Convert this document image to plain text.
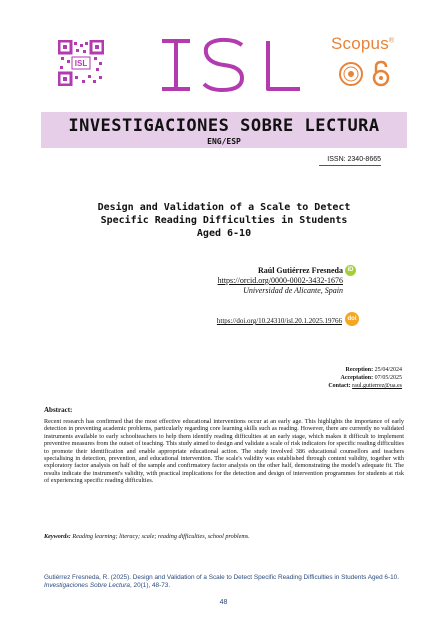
ISL
ISL
Scopus®
INVESTIGACIONES SOBRE LECTURA
ENG/ESP
ISSN: 2340-8665
Design and Validation of a Scale to Detect
Specific Reading Difficulties in Students
Aged 6-10
Raúl Gutiérrez Fresneda
https://orcid.org/0000-0002-3432-1676
Universidad de Alicante, Spain
iD
https://doi.org/10.24310/isl.20.1.2025.19766 doi
Reception: 25/04/2024
Acceptation: 07/05/2025
Contact: raul.gutierrez@ua.es
Abstract:
Recent research has confirmed that the most effective educational interventions occur at an early age. This highlights the importance of early detection in preventing academic problems, particularly regarding core learning skills such as reading. However, there are currently no validated instruments available to early schoolteachers to help them identify reading difficulties at an early stage, which makes it difficult to implement preventive measures from the outset of teaching. This study aimed to design and validate a scale of risk indicators for specific reading difficulties to promote their identification and enable appropriate educational action. The study involved 386 educational counsellors and teachers specialising in detection, prevention, and educational intervention. The scale's validity was established through content validity, together with exploratory factor analysis on half of the sample and confirmatory factor analysis on the other half, demonstrating the model's adequate fit. The results indicate the instrument's validity, with practical implications for the detection and design of intervention programmes for students at risk of experiencing specific reading difficulties.
Keywords: Reading learning; literacy; scale; reading difficulties, school problems.
Gutiérrez Fresneda, R. (2025). Design and Validation of a Scale to Detect Specific Reading Difficulties in Students Aged 6-10. Investigaciones Sobre Lectura, 20(1), 48-73.
48
